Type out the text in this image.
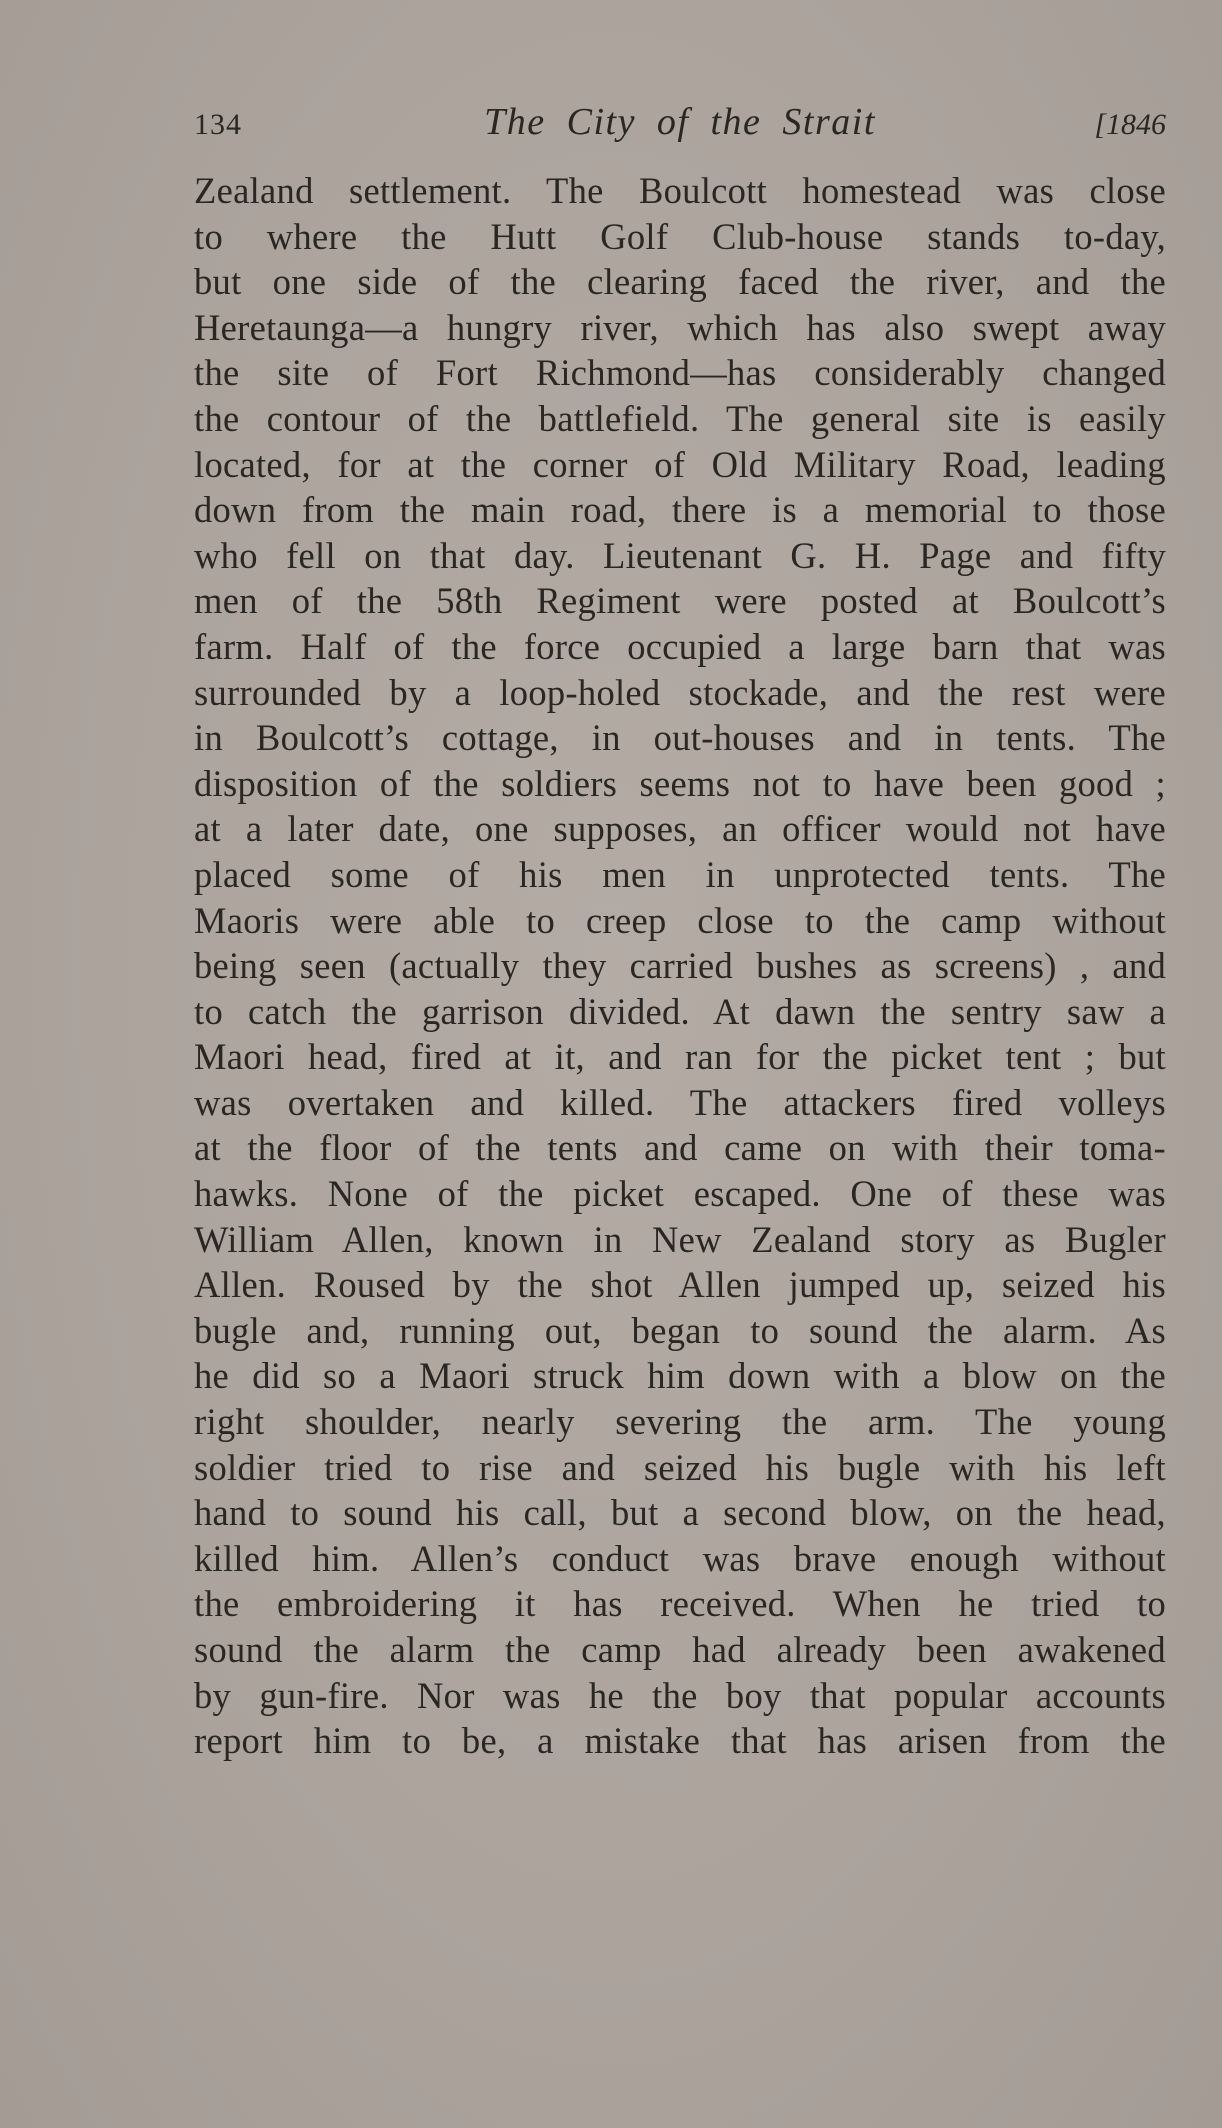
134	The City of the Strait	[1846
Zealand settlement. The Boulcott homestead was close
to where the Hutt Golf Club-house stands to-day,
but one side of the clearing faced the river, and the
Heretaunga—a hungry river, which has also swept away
the site of Fort Richmond—has considerably changed
the contour of the battlefield. The general site is easily
located, for at the corner of Old Military Road, leading
down from the main road, there is a memorial to those
who fell on that day. Lieutenant G. H. Page and fifty
men of the 58th Regiment were posted at Boulcott’s
farm. Half of the force occupied a large barn that was
surrounded by a loop-holed stockade, and the rest were
in Boulcott’s cottage, in out-houses and in tents. The
disposition of the soldiers seems not to have been good ;
at a later date, one supposes, an officer would not have
placed some of his men in unprotected tents. The
Maoris were able to creep close to the camp without
being seen (actually they carried bushes as screens) , and
to catch the garrison divided. At dawn the sentry saw a
Maori head, fired at it, and ran for the picket tent ; but
was overtaken and killed. The attackers fired volleys
at the floor of the tents and came on with their toma-
hawks. None of the picket escaped. One of these was
William Allen, known in New Zealand story as Bugler
Allen. Roused by the shot Allen jumped up, seized his
bugle and, running out, began to sound the alarm. As
he did so a Maori struck him down with a blow on the
right shoulder, nearly severing the arm. The young
soldier tried to rise and seized his bugle with his left
hand to sound his call, but a second blow, on the head,
killed him. Allen’s conduct was brave enough without
the embroidering it has received. When he tried to
sound the alarm the camp had already been awakened
by gun-fire. Nor was he the boy that popular accounts
report him to be, a mistake that has arisen from the
